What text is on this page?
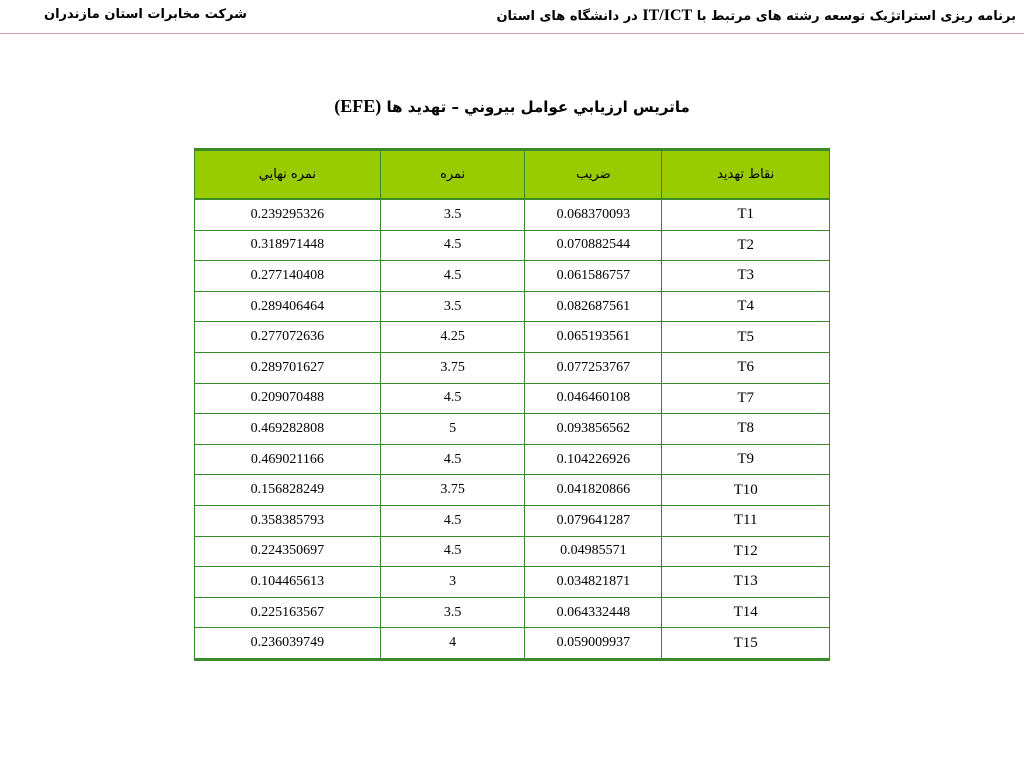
برنامه ریزی استراتژیک توسعه رشته های مرتبط با IT/ICT در دانشگاه های استان
شرکت مخابرات استان مازندران
ماتريس ارزيابي عوامل بيروني – تهديد ها (EFE)
نقاط تهديد	ضريب	نمره	نمره نهايي
T1	0.068370093	3.5	0.239295326
T2	0.070882544	4.5	0.318971448
T3	0.061586757	4.5	0.277140408
T4	0.082687561	3.5	0.289406464
T5	0.065193561	4.25	0.277072636
T6	0.077253767	3.75	0.289701627
T7	0.046460108	4.5	0.209070488
T8	0.093856562	5	0.469282808
T9	0.104226926	4.5	0.469021166
T10	0.041820866	3.75	0.156828249
T11	0.079641287	4.5	0.358385793
T12	0.04985571	4.5	0.224350697
T13	0.034821871	3	0.104465613
T14	0.064332448	3.5	0.225163567
T15	0.059009937	4	0.236039749
